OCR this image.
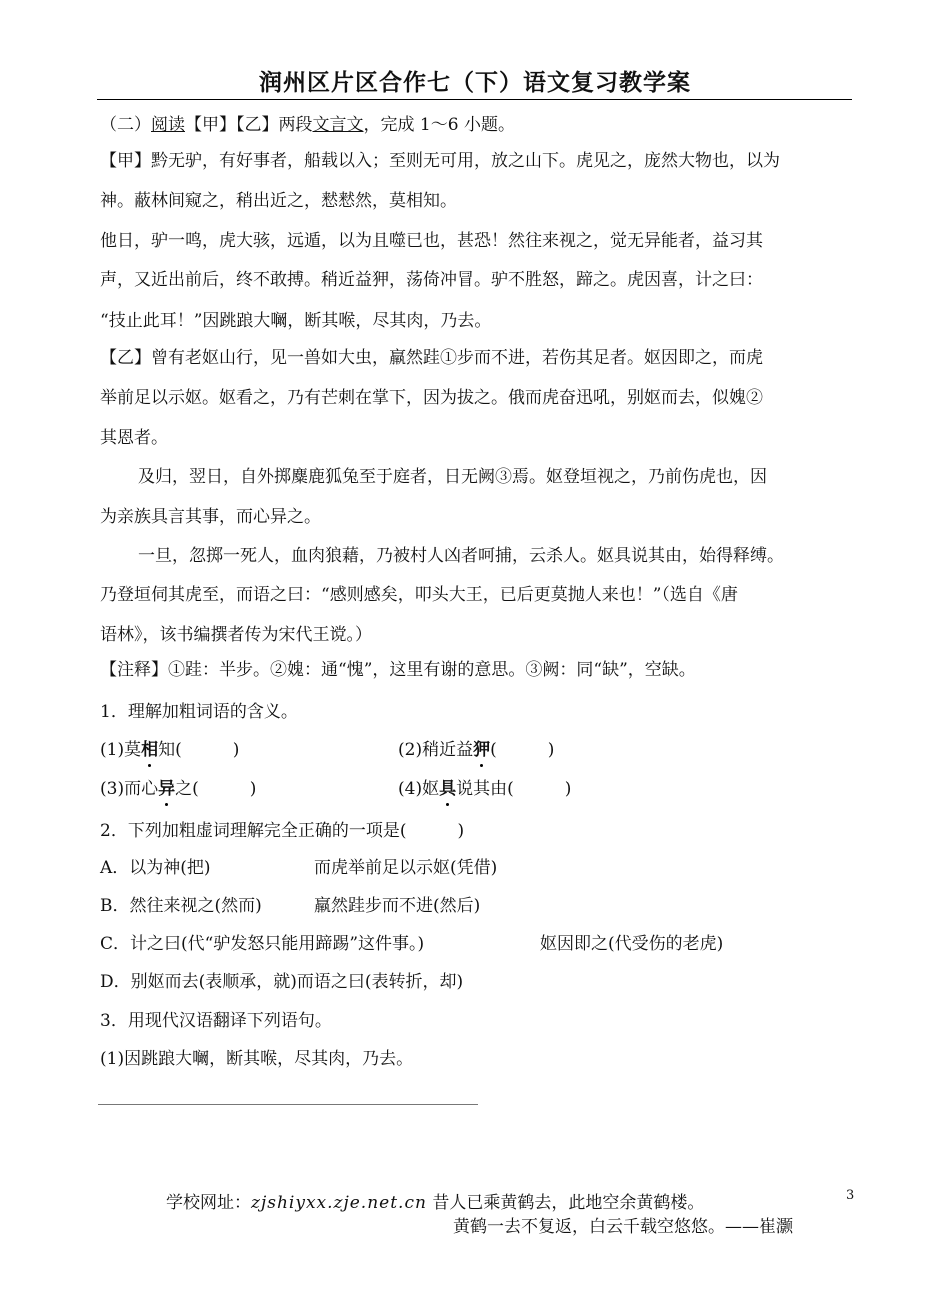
润州区片区合作七（下）语文复习教学案
（二）阅读【甲】【乙】两段文言文，完成 1～6 小题。
【甲】黔无驴，有好事者，船载以入；至则无可用，放之山下。虎见之，庞然大物也，以为
神。蔽林间窥之，稍出近之，慭慭然，莫相知。
他日，驴一鸣，虎大骇，远遁，以为且噬已也，甚恐！然往来视之，觉无异能者，益习其
声，又近出前后，终不敢搏。稍近益狎，荡倚冲冒。驴不胜怒，蹄之。虎因喜，计之曰：
“技止此耳！”因跳踉大㘎，断其喉，尽其肉，乃去。
【乙】曾有老妪山行，见一兽如大虫，羸然跬①步而不进，若伤其足者。妪因即之，而虎
举前足以示妪。妪看之，乃有芒刺在掌下，因为拔之。俄而虎奋迅吼，别妪而去，似媿②
其恩者。
及归，翌日，自外掷麋鹿狐兔至于庭者，日无阙③焉。妪登垣视之，乃前伤虎也，因
为亲族具言其事，而心异之。
一旦，忽掷一死人，血肉狼藉，乃被村人凶者呵捕，云杀人。妪具说其由，始得释缚。
乃登垣伺其虎至，而语之曰：“感则感矣，叩头大王，已后更莫抛人来也！”（选自《唐
语林》，该书编撰者传为宋代王谠。）
【注释】①跬：半步。②媿：通“愧”，这里有谢的意思。③阙：同“缺”，空缺。
1．理解加粗词语的含义。
(1)莫相知(　　　)	(2)稍近益狎(　　　)
(3)而心异之(　　　)	(4)妪具说其由(　　　)
2．下列加粗虚词理解完全正确的一项是(　　　)
A．以为神(把)	而虎举前足以示妪(凭借)
B．然往来视之(然而)	羸然跬步而不进(然后)
C．计之曰(代“驴发怒只能用蹄踢”这件事。)	妪因即之(代受伤的老虎)
D．别妪而去(表顺承，就)而语之曰(表转折，却)
3．用现代汉语翻译下列语句。
(1)因跳踉大㘎，断其喉，尽其肉，乃去。
学校网址：zjshiyxx.zje.net.cn 昔人已乘黄鹤去，此地空余黄鹤楼。	3
黄鹤一去不复返，白云千载空悠悠。——崔灏
